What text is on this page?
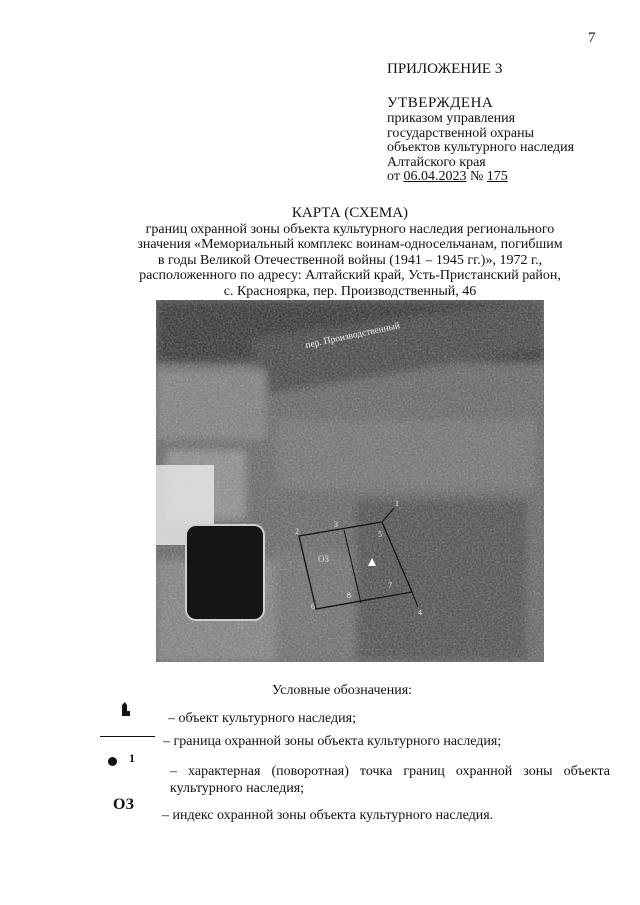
7
ПРИЛОЖЕНИЕ 3
УТВЕРЖДЕНА
приказом управления
государственной охраны
объектов культурного наследия
Алтайского края
от 06.04.2023 № 175
КАРТА (СХЕМА)
границ охранной зоны объекта культурного наследия регионального
значения «Мемориальный комплекс воинам-односельчанам, погибшим
в годы Великой Отечественной войны (1941 – 1945 гг.)», 1972 г.,
расположенного по адресу: Алтайский край, Усть-Пристанский район,
с. Красноярка, пер. Производственный, 46
пер. Производственный
ОЗ
1
2
3
4
5
7
8
6
Условные обозначения:
– объект культурного наследия;
– граница охранной зоны объекта культурного наследия;
1
– характерная (поворотная) точка границ охранной зоны объекта культурного наследия;
ОЗ
– индекс охранной зоны объекта культурного наследия.
